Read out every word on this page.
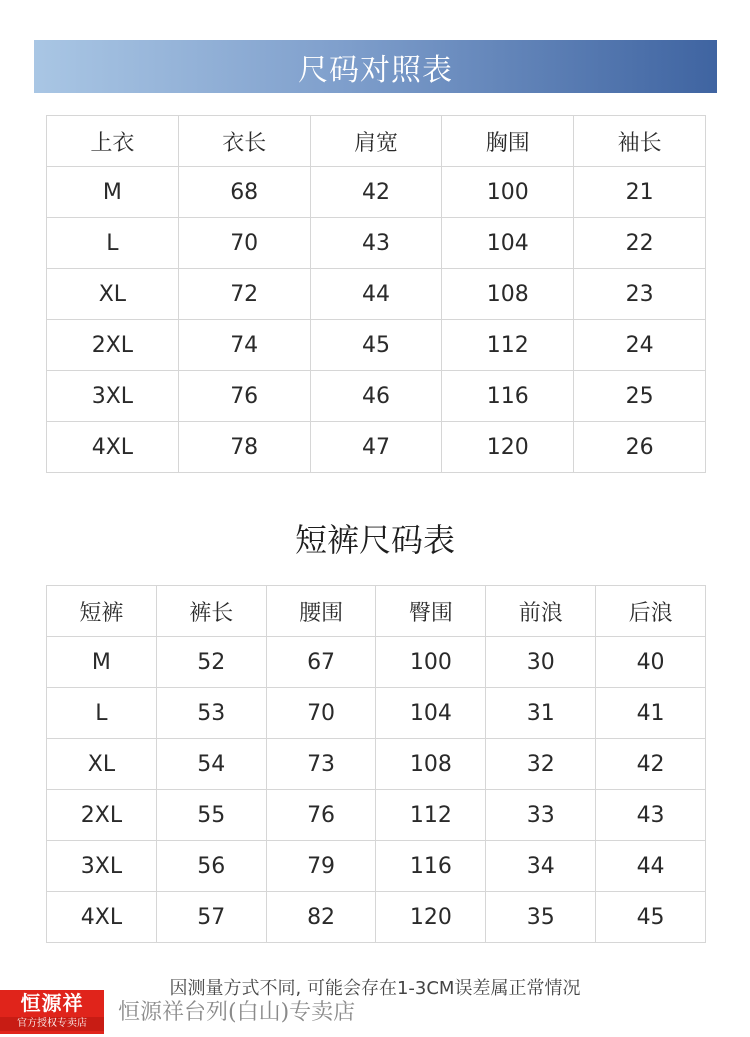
尺码对照表
上衣	衣长	肩宽	胸围	袖长
M	68	42	100	21
L	70	43	104	22
XL	72	44	108	23
2XL	74	45	112	24
3XL	76	46	116	25
4XL	78	47	120	26
短裤尺码表
短裤	裤长	腰围	臀围	前浪	后浪
M	52	67	100	30	40
L	53	70	104	31	41
XL	54	73	108	32	42
2XL	55	76	112	33	43
3XL	56	79	116	34	44
4XL	57	82	120	35	45
因测量方式不同, 可能会存在1-3CM误差属正常情况
恒源祥
官方授权专卖店	恒源祥台列(白山)专卖店
